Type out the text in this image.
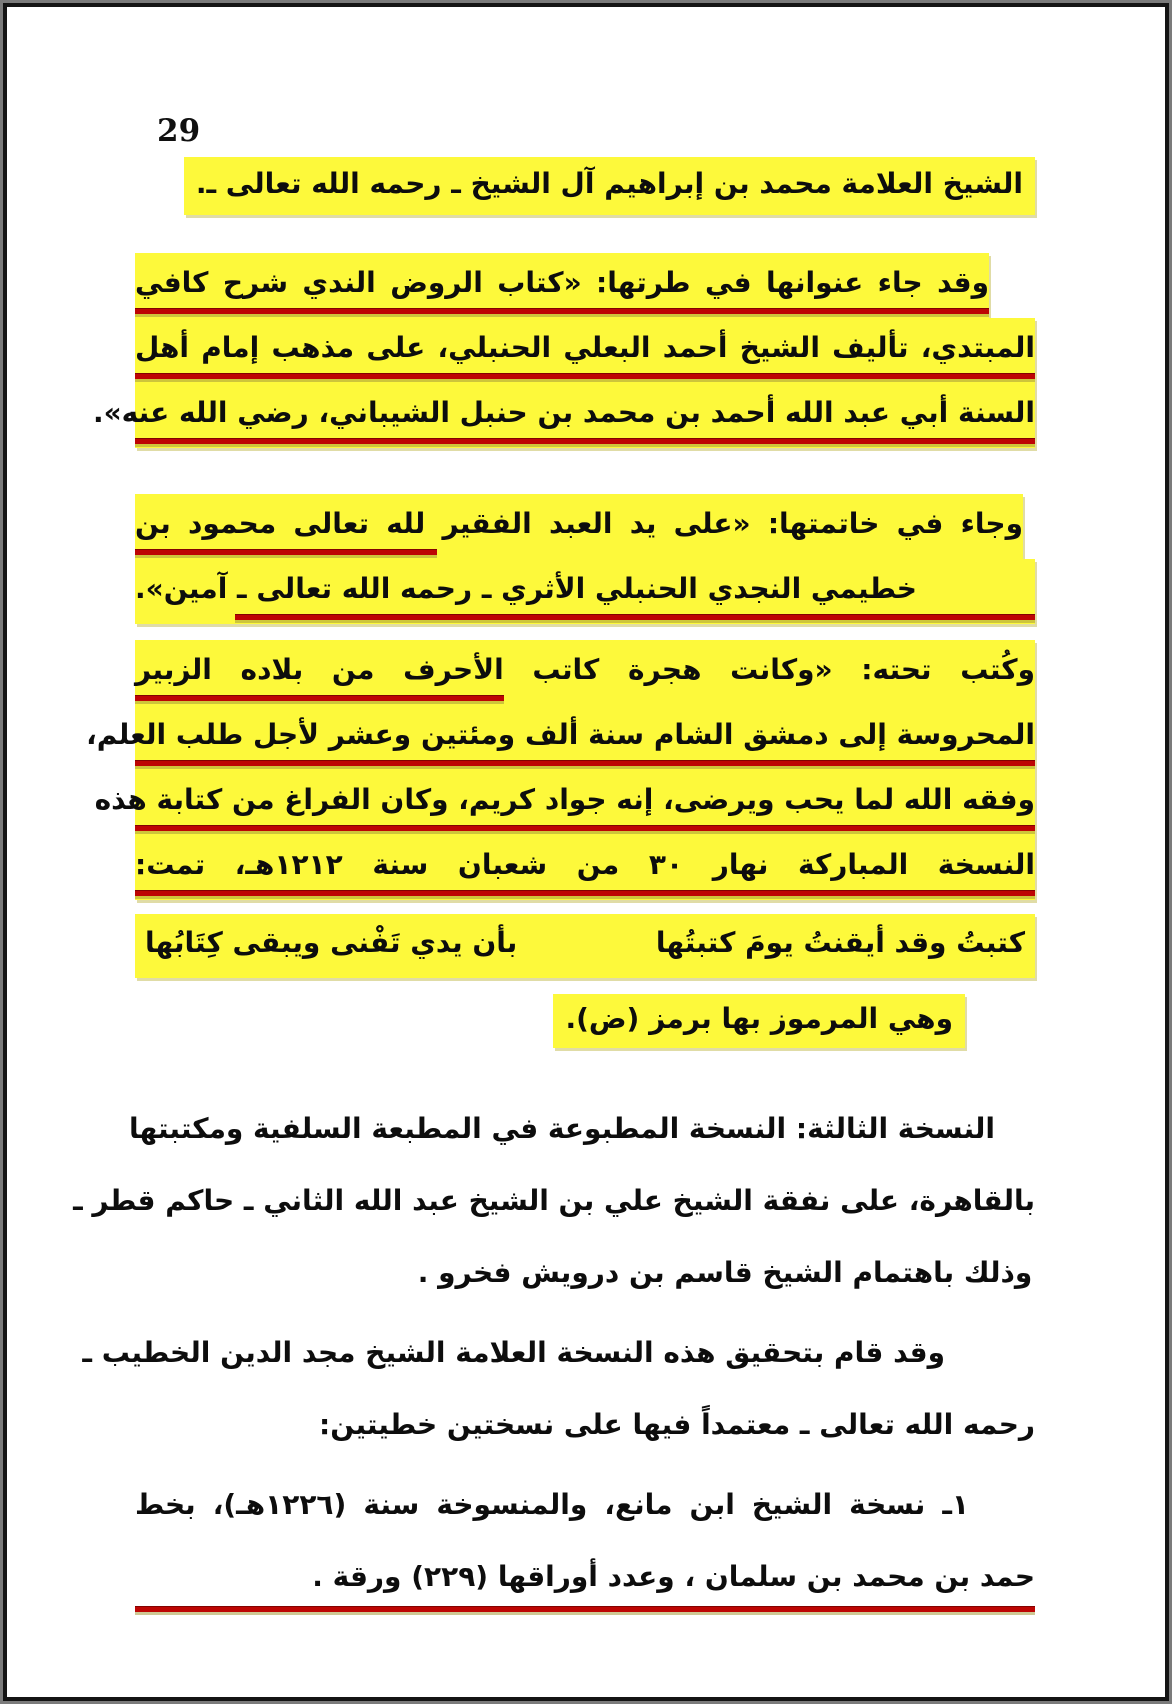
29
الشيخ العلامة محمد بن إبراهيم آل الشيخ ـ رحمه الله تعالى ـ.
وقد جاء عنوانها في طرتها: «كتاب الروض الندي شرح كافي
المبتدي، تأليف الشيخ أحمد البعلي الحنبلي، على مذهب إمام أهل
السنة أبي عبد الله أحمد بن محمد بن حنبل الشيباني، رضي الله عنه».
وجاء في خاتمتها: «على يد العبد الفقير لله تعالى محمود بن
خطيمي النجدي الحنبلي الأثري ـ رحمه الله تعالى ـ آمين».
وكُتب تحته: «وكانت هجرة كاتب الأحرف من بلاده الزبير
المحروسة إلى دمشق الشام سنة ألف ومئتين وعشر لأجل طلب العلم،
وفقه الله لما يحب ويرضى، إنه جواد كريم، وكان الفراغ من كتابة هذه
النسخة المباركة نهار ٣٠ من شعبان سنة ١٢١٢هـ، تمت:
كتبتُ وقد أيقنتُ يومَ كتبتُها
بأن يدي تَفْنى ويبقى كِتَابُها
وهي المرموز بها برمز (ض).
النسخة الثالثة: النسخة المطبوعة في المطبعة السلفية ومكتبتها
بالقاهرة، على نفقة الشيخ علي بن الشيخ عبد الله الثاني ـ حاكم قطر ـ
وذلك باهتمام الشيخ قاسم بن درويش فخرو .
وقد قام بتحقيق هذه النسخة العلامة الشيخ مجد الدين الخطيب ـ
رحمه الله تعالى ـ معتمداً فيها على نسختين خطيتين:
١ـ نسخة الشيخ ابن مانع، والمنسوخة سنة (١٢٢٦هـ)، بخط
حمد بن محمد بن سلمان ، وعدد أوراقها (٢٢٩) ورقة .
